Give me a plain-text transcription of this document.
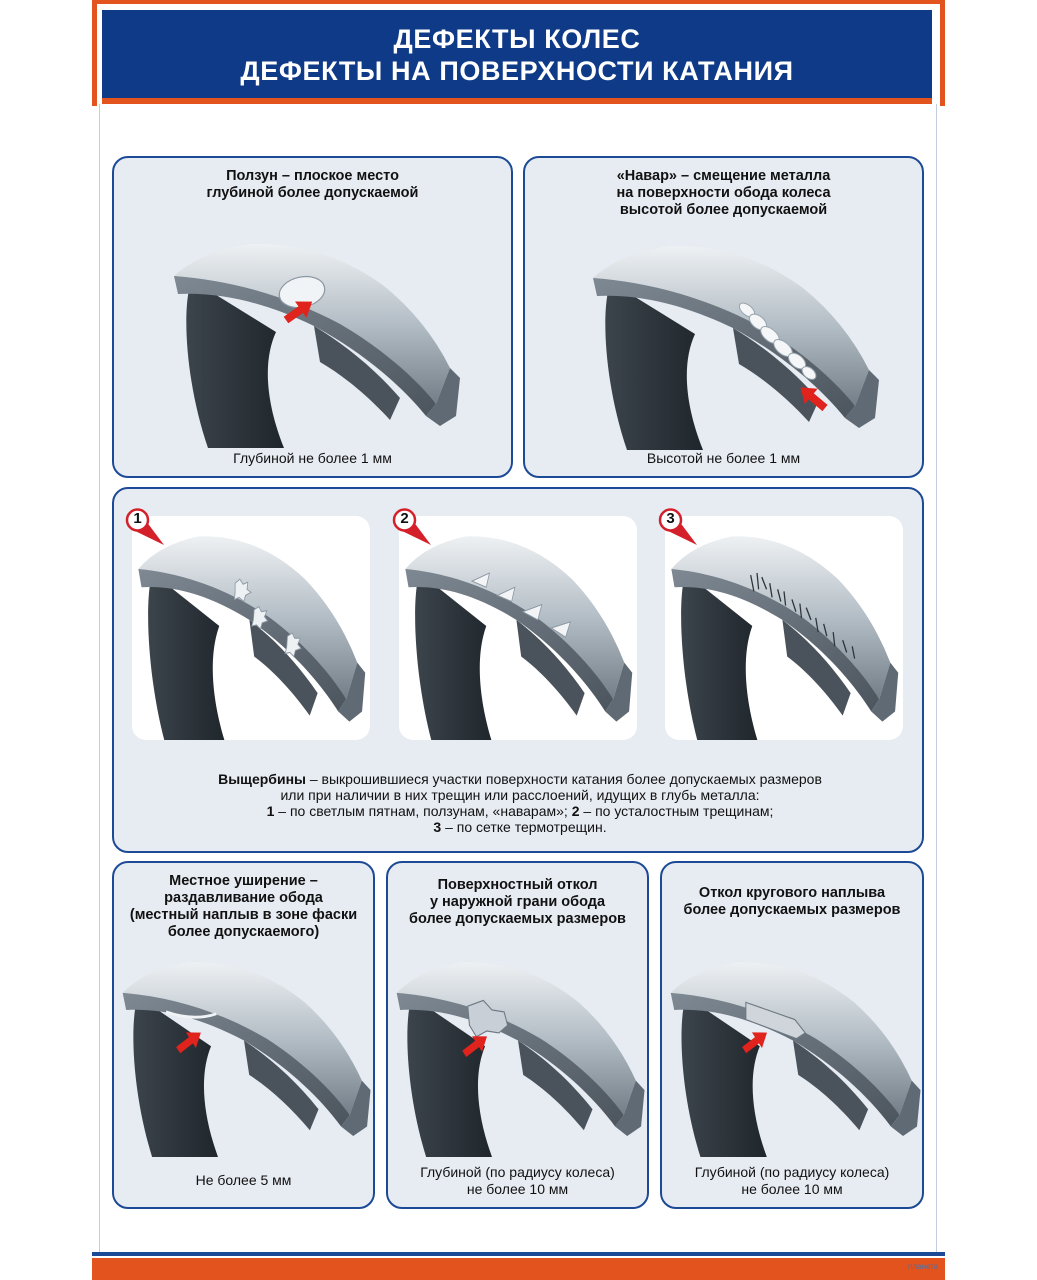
ДЕФЕКТЫ КОЛЕС
ДЕФЕКТЫ НА ПОВЕРХНОСТИ КАТАНИЯ
Ползун – плоское место
глубиной более допускаемой
Глубиной не более 1 мм
«Навар» – смещение металла
на поверхности обода колеса
высотой более допускаемой
Высотой не более 1 мм
1	2	3
Выщербины – выкрошившиеся участки поверхности катания более допускаемых размеров
или при наличии в них трещин или расслоений, идущих в глубь металла:
1 – по светлым пятнам, ползунам, «наварам»; 2 – по усталостным трещинам;
3 – по сетке термотрещин.
Местное уширение –
раздавливание обода
(местный наплыв в зоне фаски
более допускаемого)
Не более 5 мм
Поверхностный откол
у наружной грани обода
более допускаемых размеров
Глубиной (по радиусу колеса)
не более 10 мм
Откол кругового наплыва
более допускаемых размеров
Глубиной (по радиусу колеса)
не более 10 мм
планета
